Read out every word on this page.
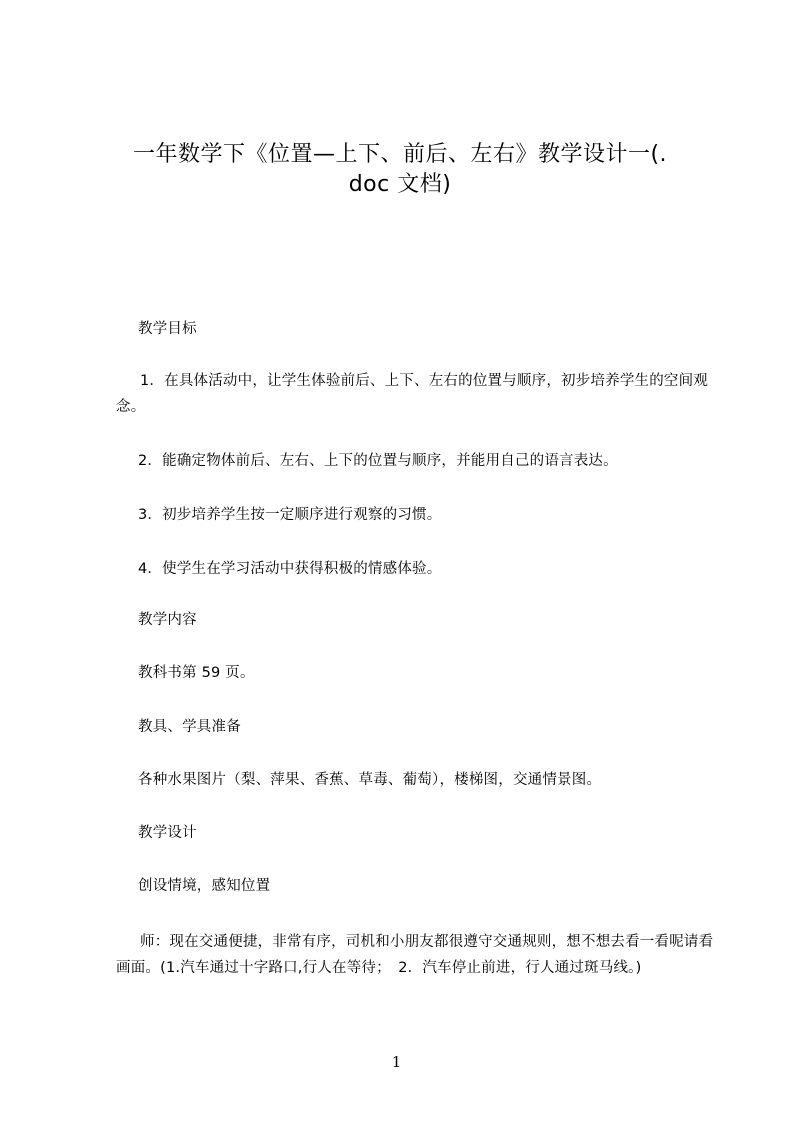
一年数学下《位置—上下、前后、左右》教学设计一(.
doc 文档)
教学目标
1．在具体活动中，让学生体验前后、上下、左右的位置与顺序，初步培养学生的空间观念。
2．能确定物体前后、左右、上下的位置与顺序，并能用自己的语言表达。
3．初步培养学生按一定顺序进行观察的习惯。
4．使学生在学习活动中获得积极的情感体验。
教学内容
教科书第 59 页。
教具、学具准备
各种水果图片（梨、萍果、香蕉、草毒、葡萄），楼梯图，交通情景图。
教学设计
创设情境，感知位置
师：现在交通便捷，非常有序，司机和小朋友都很遵守交通规则，想不想去看一看呢请看画面。(1.汽车通过十字路口,行人在等待；　2．汽车停止前进，行人通过斑马线。)
1
